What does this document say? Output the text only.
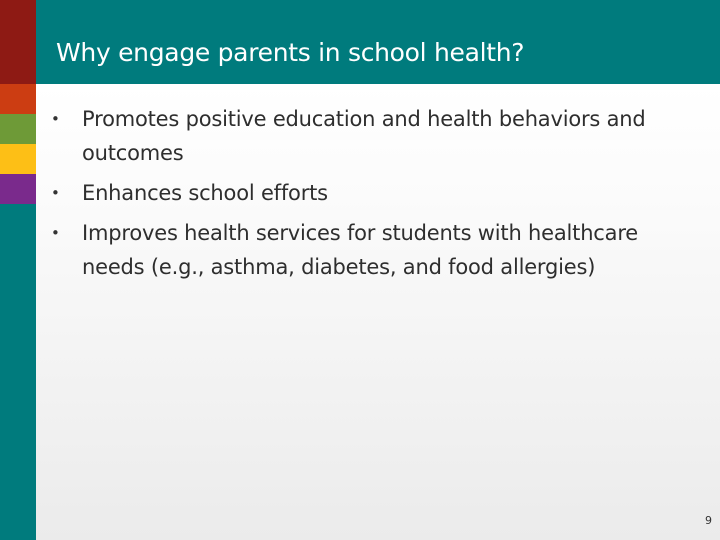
Why engage parents in school health?
• Promotes positive education and health behaviors and outcomes
• Enhances school efforts
• Improves health services for students with healthcare needs (e.g., asthma, diabetes, and food allergies)
9
